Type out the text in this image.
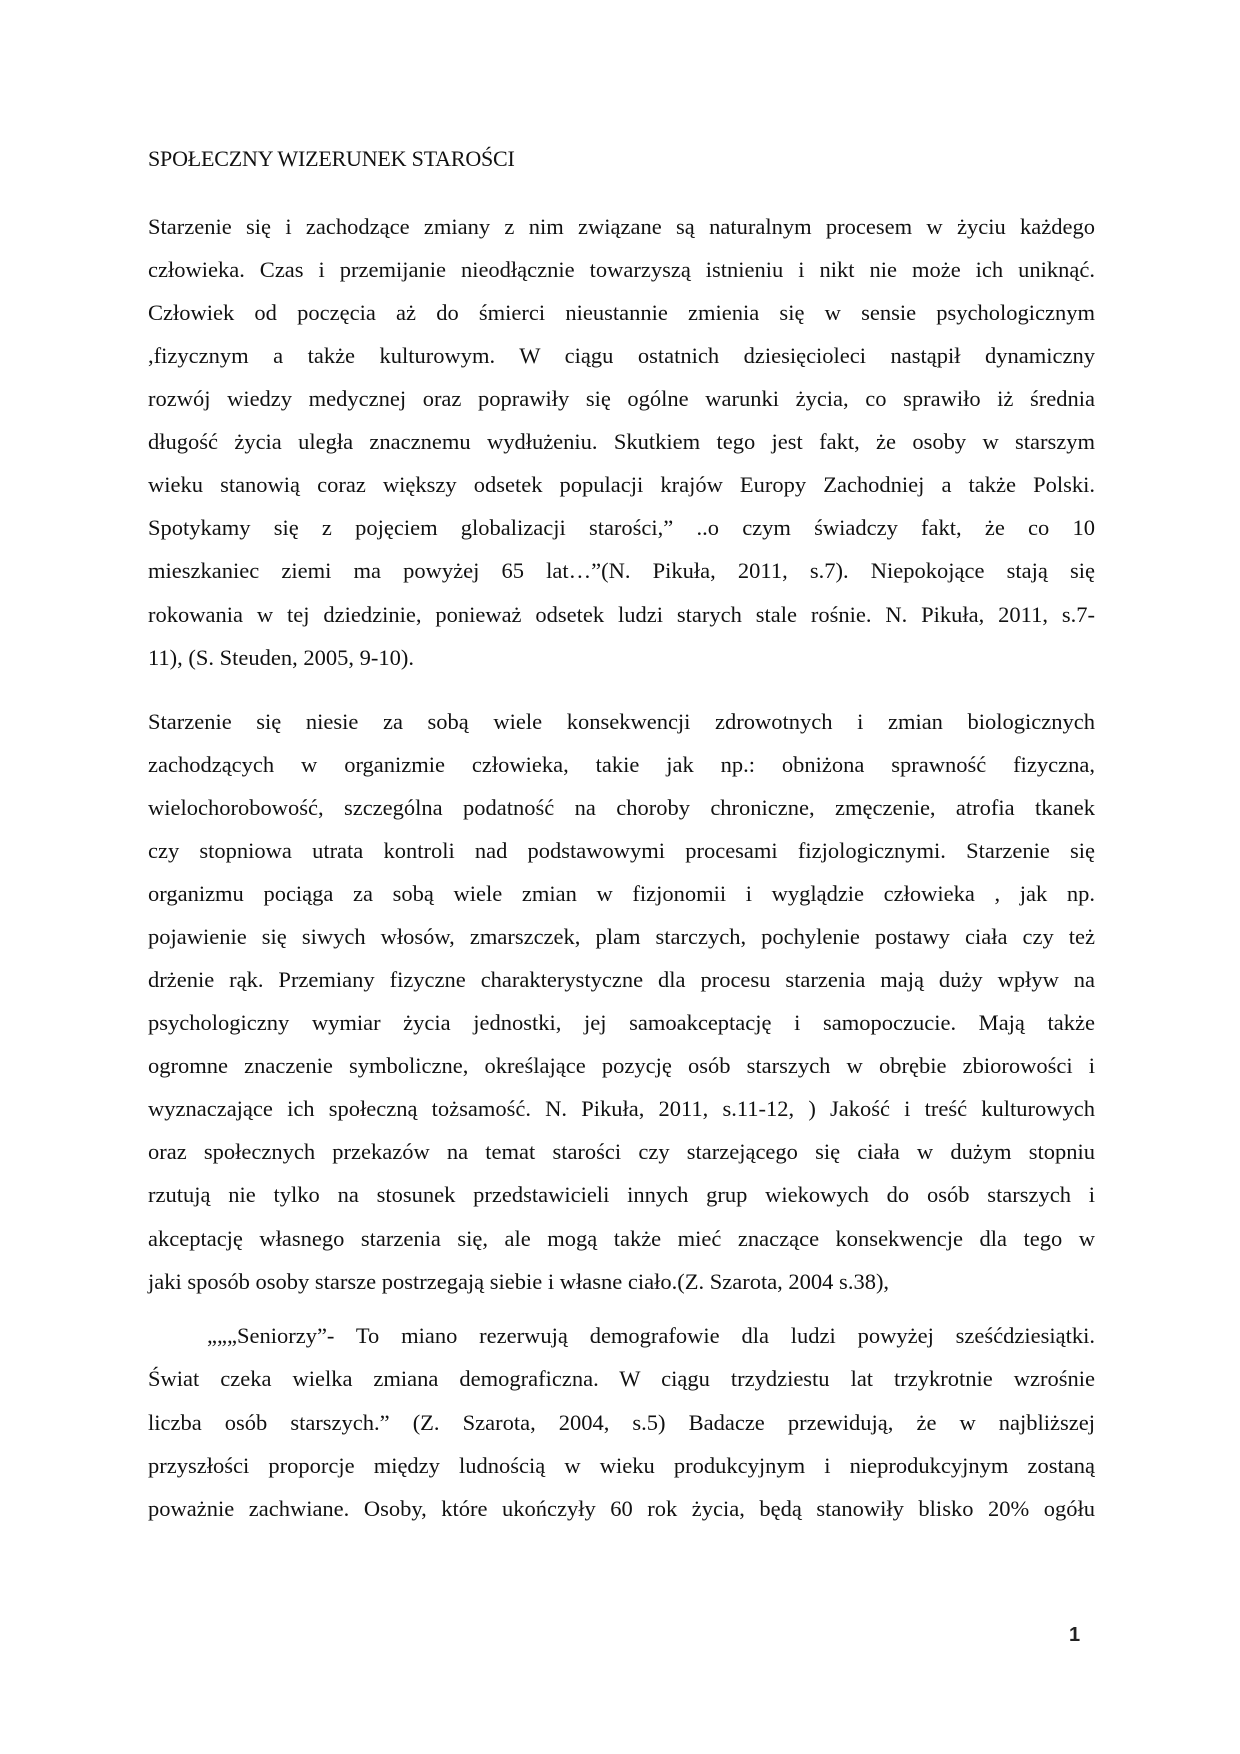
SPOŁECZNY WIZERUNEK STAROŚCI
Starzenie się i zachodzące zmiany z nim związane są naturalnym procesem w życiu każdego
człowieka. Czas i przemijanie nieodłącznie towarzyszą istnieniu i nikt nie może ich uniknąć.
Człowiek od poczęcia aż do śmierci nieustannie zmienia się w sensie psychologicznym
,fizycznym a także kulturowym. W ciągu ostatnich dziesięcioleci nastąpił dynamiczny
rozwój wiedzy medycznej oraz poprawiły się ogólne warunki życia, co sprawiło iż średnia
długość życia uległa znacznemu wydłużeniu. Skutkiem tego jest fakt, że osoby w starszym
wieku stanowią coraz większy odsetek populacji krajów Europy Zachodniej a także Polski.
Spotykamy się z pojęciem globalizacji starości,” ..o czym świadczy fakt, że co 10
mieszkaniec ziemi ma powyżej 65 lat…”(N. Pikuła, 2011, s.7). Niepokojące stają się
rokowania w tej dziedzinie, ponieważ odsetek ludzi starych stale rośnie. N. Pikuła, 2011, s.7-
11), (S. Steuden, 2005, 9-10).
Starzenie się niesie za sobą wiele konsekwencji zdrowotnych i zmian biologicznych
zachodzących w organizmie człowieka, takie jak np.: obniżona sprawność fizyczna,
wielochorobowość, szczególna podatność na choroby chroniczne, zmęczenie, atrofia tkanek
czy stopniowa utrata kontroli nad podstawowymi procesami fizjologicznymi. Starzenie się
organizmu pociąga za sobą wiele zmian w fizjonomii i wyglądzie człowieka , jak np.
pojawienie się siwych włosów, zmarszczek, plam starczych, pochylenie postawy ciała czy też
drżenie rąk. Przemiany fizyczne charakterystyczne dla procesu starzenia mają duży wpływ na
psychologiczny wymiar życia jednostki, jej samoakceptację i samopoczucie. Mają także
ogromne znaczenie symboliczne, określające pozycję osób starszych w obrębie zbiorowości i
wyznaczające ich społeczną tożsamość. N. Pikuła, 2011, s.11-12, ) Jakość i treść kulturowych
oraz społecznych przekazów na temat starości czy starzejącego się ciała w dużym stopniu
rzutują nie tylko na stosunek przedstawicieli innych grup wiekowych do osób starszych i
akceptację własnego starzenia się, ale mogą także mieć znaczące konsekwencje dla tego w
jaki sposób osoby starsze postrzegają siebie i własne ciało.(Z. Szarota, 2004 s.38),
„„„Seniorzy”- To miano rezerwują demografowie dla ludzi powyżej sześćdziesiątki.
Świat czeka wielka zmiana demograficzna. W ciągu trzydziestu lat trzykrotnie wzrośnie
liczba osób starszych.” (Z. Szarota, 2004, s.5) Badacze przewidują, że w najbliższej
przyszłości proporcje między ludnością w wieku produkcyjnym i nieprodukcyjnym zostaną
poważnie zachwiane. Osoby, które ukończyły 60 rok życia, będą stanowiły blisko 20% ogółu
1
